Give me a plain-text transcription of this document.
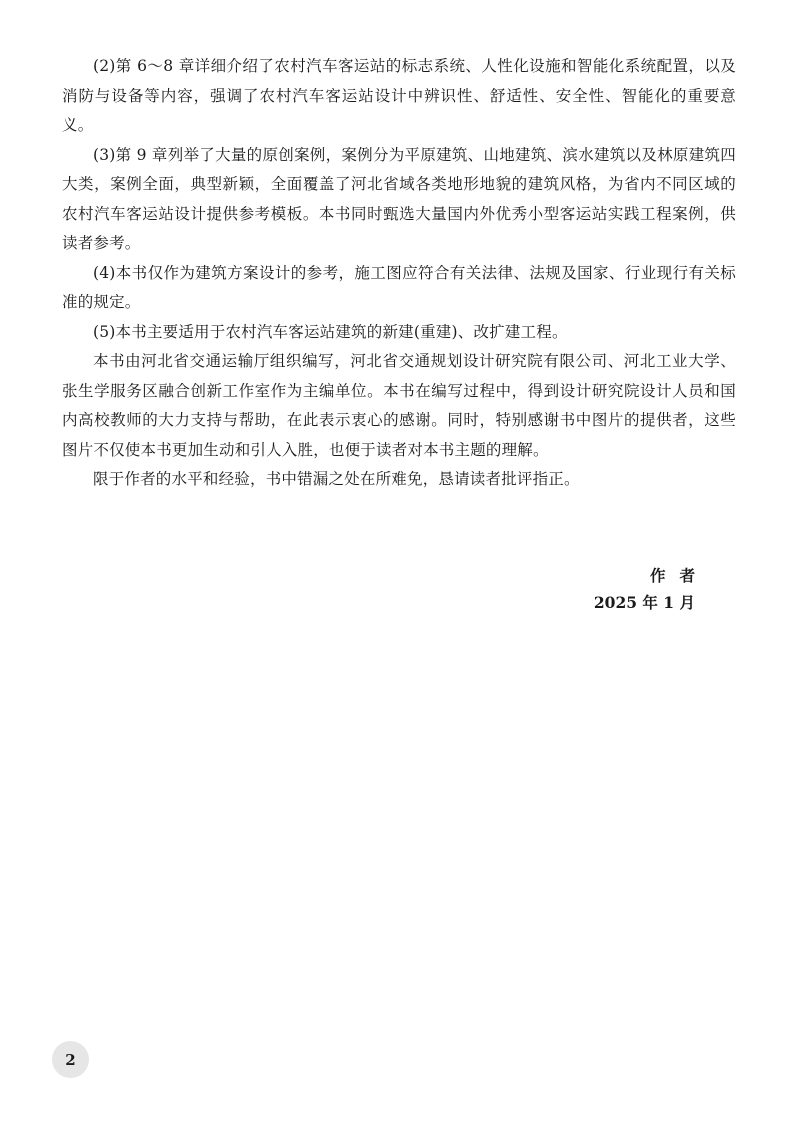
(2)第 6～8 章详细介绍了农村汽车客运站的标志系统、人性化设施和智能化系统配置，以及消防与设备等内容，强调了农村汽车客运站设计中辨识性、舒适性、安全性、智能化的重要意义。

(3)第 9 章列举了大量的原创案例，案例分为平原建筑、山地建筑、滨水建筑以及林原建筑四大类，案例全面，典型新颖，全面覆盖了河北省域各类地形地貌的建筑风格，为省内不同区域的农村汽车客运站设计提供参考模板。本书同时甄选大量国内外优秀小型客运站实践工程案例，供读者参考。

(4)本书仅作为建筑方案设计的参考，施工图应符合有关法律、法规及国家、行业现行有关标准的规定。

(5)本书主要适用于农村汽车客运站建筑的新建(重建)、改扩建工程。

本书由河北省交通运输厅组织编写，河北省交通规划设计研究院有限公司、河北工业大学、张生学服务区融合创新工作室作为主编单位。本书在编写过程中，得到设计研究院设计人员和国内高校教师的大力支持与帮助，在此表示衷心的感谢。同时，特别感谢书中图片的提供者，这些图片不仅使本书更加生动和引人入胜，也便于读者对本书主题的理解。

限于作者的水平和经验，书中错漏之处在所难免，恳请读者批评指正。

作者
2025 年 1 月
2
